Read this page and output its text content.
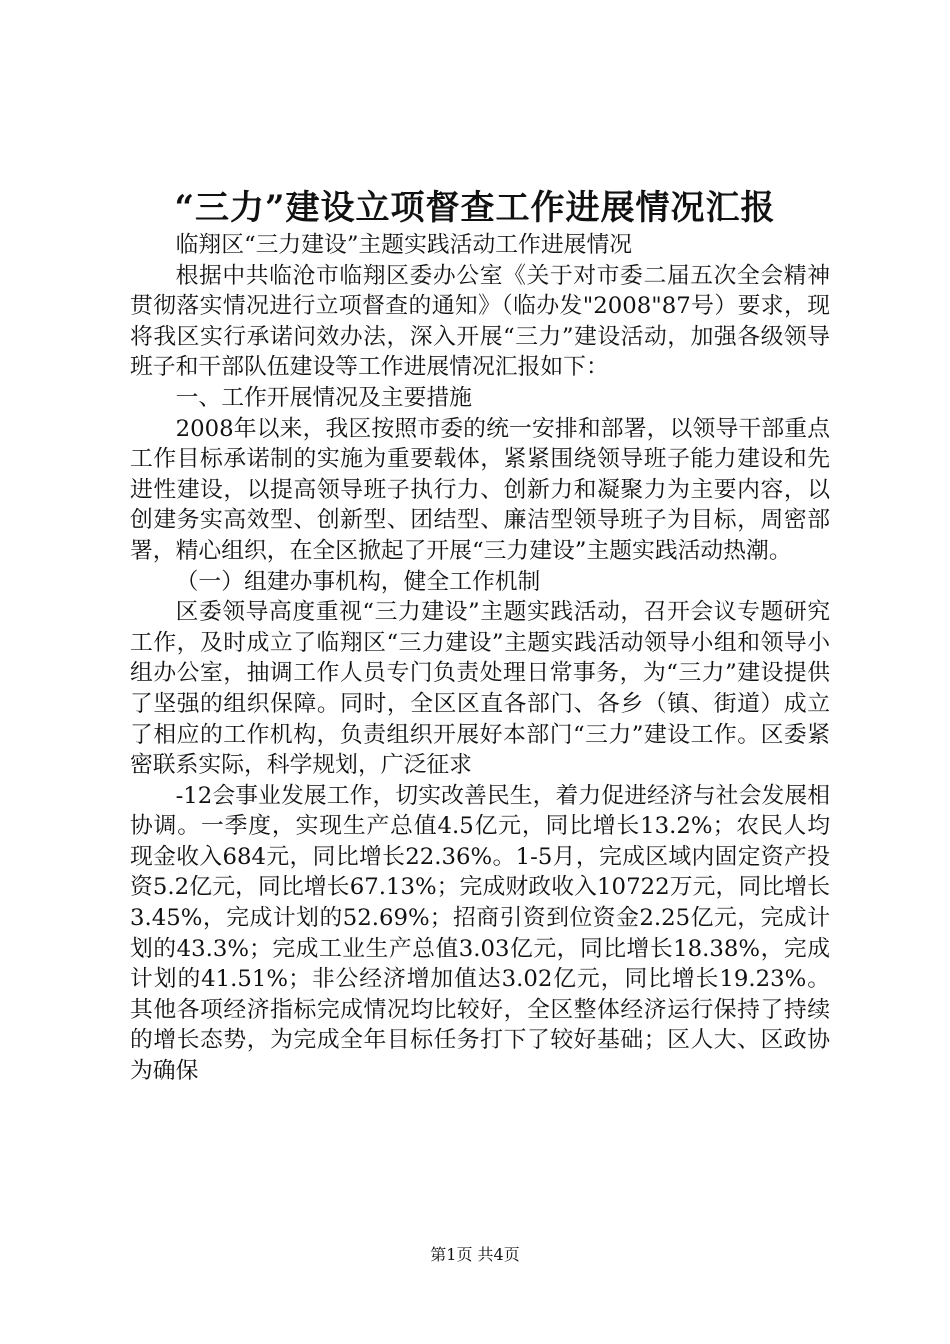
“三力”建设立项督查工作进展情况汇报

临翔区“三力建设”主题实践活动工作进展情况

根据中共临沧市临翔区委办公室《关于对市委二届五次全会精神贯彻落实情况进行立项督查的通知》（临办发"2008"87号）要求，现将我区实行承诺问效办法，深入开展“三力”建设活动，加强各级领导班子和干部队伍建设等工作进展情况汇报如下：

一、工作开展情况及主要措施

2008年以来，我区按照市委的统一安排和部署，以领导干部重点工作目标承诺制的实施为重要载体，紧紧围绕领导班子能力建设和先进性建设，以提高领导班子执行力、创新力和凝聚力为主要内容，以创建务实高效型、创新型、团结型、廉洁型领导班子为目标，周密部署，精心组织，在全区掀起了开展“三力建设”主题实践活动热潮。

（一）组建办事机构，健全工作机制

区委领导高度重视“三力建设”主题实践活动，召开会议专题研究工作，及时成立了临翔区“三力建设”主题实践活动领导小组和领导小组办公室，抽调工作人员专门负责处理日常事务，为“三力”建设提供了坚强的组织保障。同时，全区区直各部门、各乡（镇、街道）成立了相应的工作机构，负责组织开展好本部门“三力”建设工作。区委紧密联系实际，科学规划，广泛征求

-12会事业发展工作，切实改善民生，着力促进经济与社会发展相协调。一季度，实现生产总值4.5亿元，同比增长13.2%；农民人均现金收入684元，同比增长22.36%。1-5月，完成区域内固定资产投资5.2亿元，同比增长67.13%；完成财政收入10722万元，同比增长3.45%，完成计划的52.69%；招商引资到位资金2.25亿元，完成计划的43.3%；完成工业生产总值3.03亿元，同比增长18.38%，完成计划的41.51%；非公经济增加值达3.02亿元，同比增长19.23%。其他各项经济指标完成情况均比较好，全区整体经济运行保持了持续的增长态势，为完成全年目标任务打下了较好基础；区人大、区政协为确保

第1页 共4页
